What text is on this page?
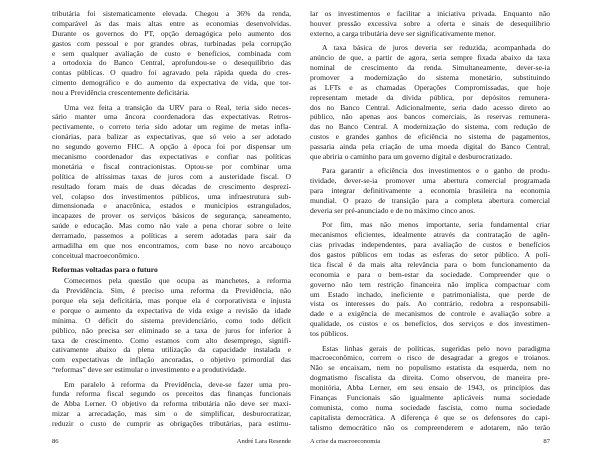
tributária foi sistematicamente elevada. Chegou a 36% da renda,
comparável às das mais altas entre as economias desenvolvidas.
Durante os governos do PT, opção demagógica pelo aumento dos
gastos com pessoal e por grandes obras, turbinadas pela corrupção
e sem qualquer avaliação de custo e benefícios, combinada com
a ortodoxia do Banco Central, aprofundou-se o desequilíbrio das
contas públicas. O quadro foi agravado pela rápida queda do cres-
cimento demográfico e do aumento da expectativa de vida, que tor-
nou a Previdência crescentemente deficitária.
Uma vez feita a transição da URV para o Real, teria sido neces-
sário manter uma âncora coordenadora das expectativas. Retros-
pectivamente, o correto teria sido adotar um regime de metas infla-
cionárias, para balizar as expectativas, que só veio a ser adotado
no segundo governo FHC. A opção à época foi por dispensar um
mecanismo coordenador das expectativas e confiar nas políticas
monetária e fiscal contracionistas. Optou-se por combinar uma
política de altíssimas taxas de juros com a austeridade fiscal. O
resultado foram mais de duas décadas de crescimento desprezí-
vel, colapso dos investimentos públicos, uma infraestrutura sub-
dimensionada e anacrônica, estados e municípios estrangulados,
incapazes de prover os serviços básicos de segurança, saneamento,
saúde e educação. Mas como não vale a pena chorar sobre o leite
derramado, passemos a políticas a serem adotadas para sair da
armadilha em que nos encontramos, com base no novo arcabouço
conceitual macroeconômico.
Reformas voltadas para o futuro
Comecemos pela questão que ocupa as manchetes, a reforma
da Previdência. Sim, é preciso uma reforma da Previdência, não
porque ela seja deficitária, mas porque ela é corporativista e injusta
e porque o aumento da expectativa de vida exige a revisão da idade
mínima. O déficit do sistema previdenciário, como todo déficit
público, não precisa ser eliminado se a taxa de juros for inferior à
taxa de crescimento. Como estamos com alto desemprego, signifi-
cativamente abaixo da plena utilização da capacidade instalada e
com expectativas de inflação ancoradas, o objetivo primordial das
“reformas” deve ser estimular o investimento e a produtividade.
Em paralelo à reforma da Previdência, deve-se fazer uma pro-
funda reforma fiscal segundo os preceitos das finanças funcionais
de Abba Lerner. O objetivo da reforma tributária não deve ser maxi-
mizar a arrecadação, mas sim o de simplificar, desburocratizar,
reduzir o custo de cumprir as obrigações tributárias, para estimu-
lar os investimentos e facilitar a iniciativa privada. Enquanto não
houver pressão excessiva sobre a oferta e sinais de desequilíbrio
externo, a carga tributária deve ser significativamente menor.
A taxa básica de juros deveria ser reduzida, acompanhada do
anúncio de que, a partir de agora, seria sempre fixada abaixo da taxa
nominal de crescimento da renda. Simultaneamente, dever-se-ia
promover a modernização do sistema monetário, substituindo
as LFTs e as chamadas Operações Compromissadas, que hoje
representam metade da dívida pública, por depósitos remunera-
dos no Banco Central. Adicionalmente, seria dado acesso direto ao
público, não apenas aos bancos comerciais, às reservas remunera-
das no Banco Central. A modernização do sistema, com redução de
custos e grandes ganhos de eficiência no sistema de pagamentos,
passaria ainda pela criação de uma moeda digital do Banco Central,
que abriria o caminho para um governo digital e desburocratizado.
Para garantir a eficiência dos investimentos e o ganho de produ-
tividade, dever-se-ia promover uma abertura comercial programada
para integrar definitivamente a economia brasileira na economia
mundial. O prazo de transição para a completa abertura comercial
deveria ser pré-anunciado e de no máximo cinco anos.
Por fim, mas não menos importante, seria fundamental criar
mecanismos eficientes, idealmente através da contratação de agên-
cias privadas independentes, para avaliação de custos e benefícios
dos gastos públicos em todas as esferas do setor público. A polí-
tica fiscal é da mais alta relevância para o bom funcionamento da
economia e para o bem-estar da sociedade. Compreender que o
governo não tem restrição financeira não implica compactuar com
um Estado inchado, ineficiente e patrimonialista, que perde de
vista os interesses do país. Ao contrário, redobra a responsabili-
dade e a exigência de mecanismos de controle e avaliação sobre a
qualidade, os custos e os benefícios, dos serviços e dos investimen-
tos públicos.
Estas linhas gerais de políticas, sugeridas pelo novo paradigma
macroeconômico, correm o risco de desagradar a gregos e troianos.
Não se encaixam, nem no populismo estatista da esquerda, nem no
dogmatismo fiscalista da direita. Como observou, de maneira pre-
monitória, Abba Lerner, em seu ensaio de 1943, os princípios das
Finanças Funcionais são igualmente aplicáveis numa sociedade
comunista, como numa sociedade fascista, como numa sociedade
capitalista democrática. A diferença é que se os defensores do capi-
talismo democrático não os compreenderem e adotarem, não terão
86	André Lara Resende	A crise da macroeconomia	87
